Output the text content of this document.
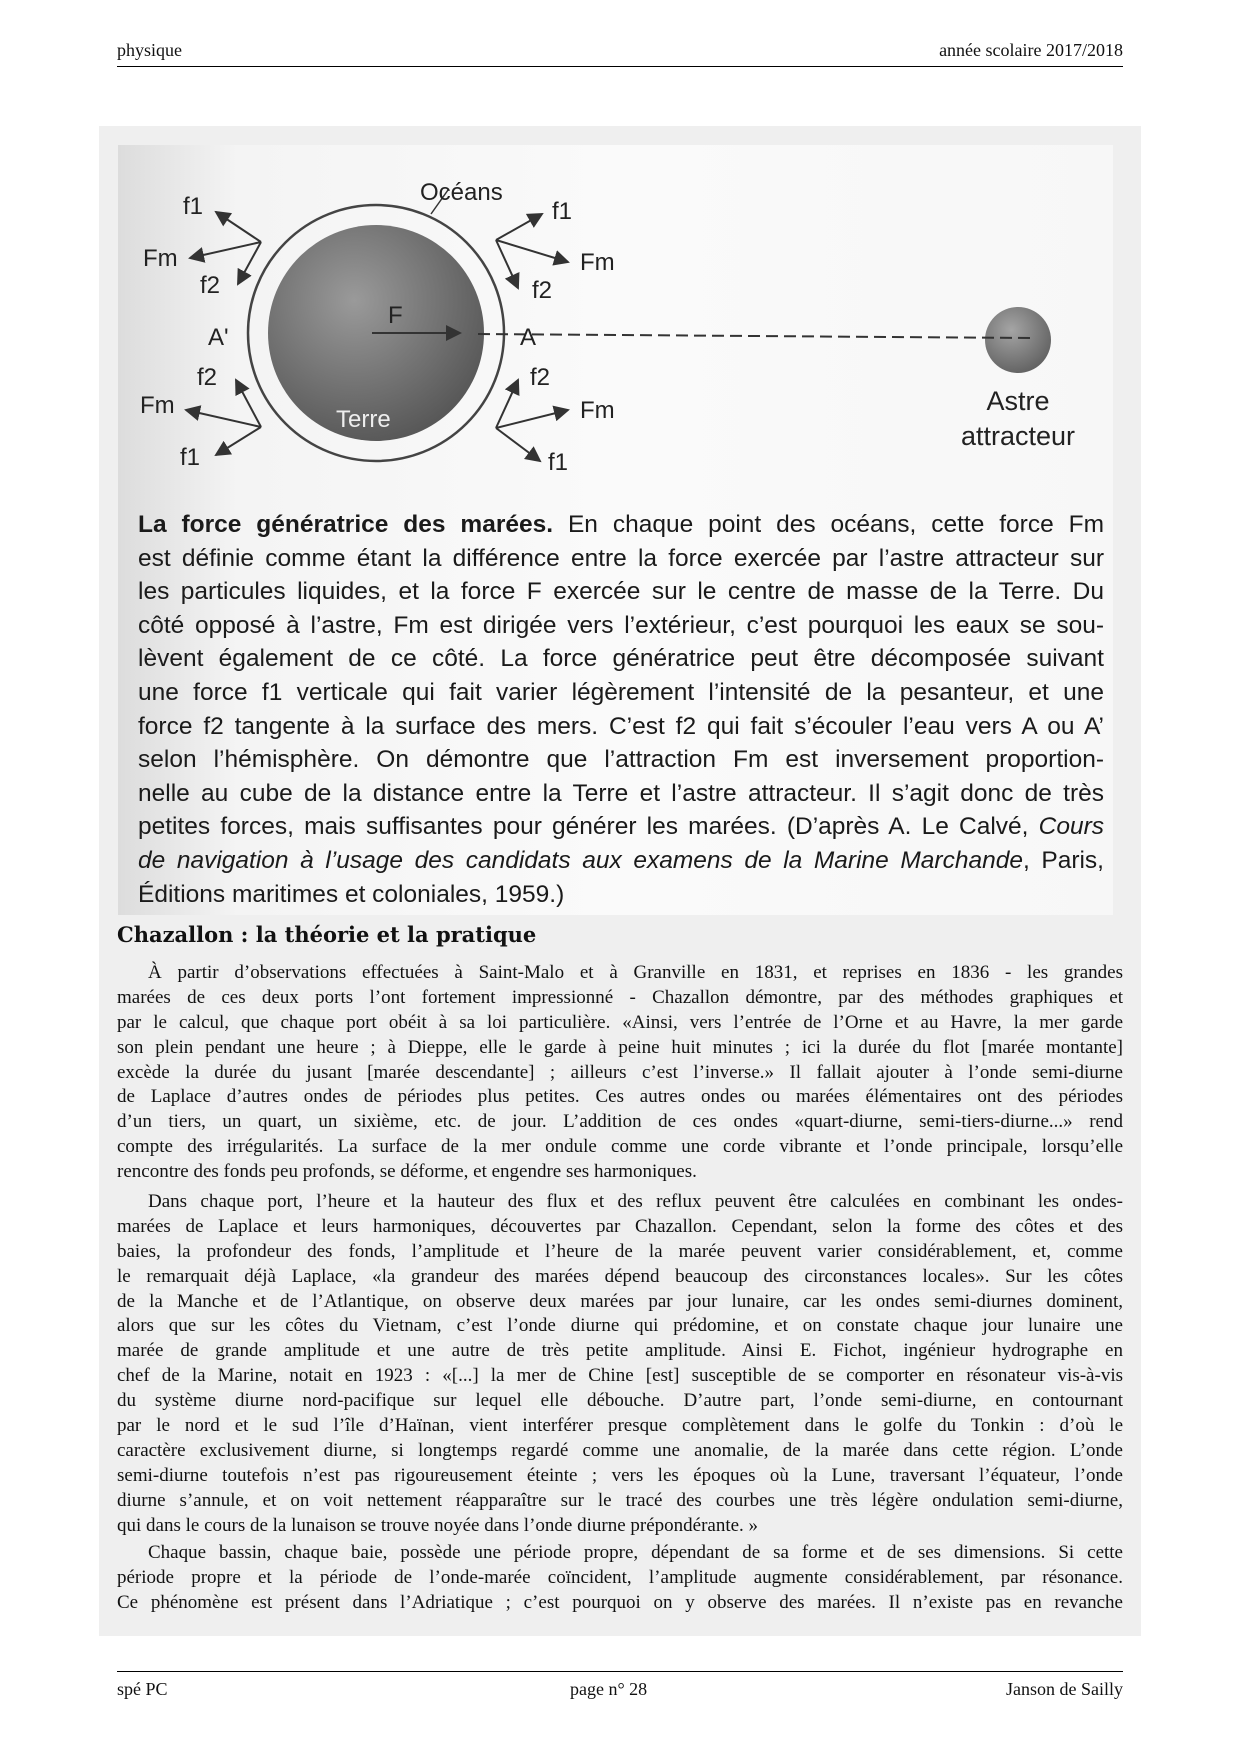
physique	année scolaire 2017/2018
Océans
F
A
A'
Terre
Astre
attracteur
f1
Fm
f2
f2
Fm
f1
f1
Fm
f2
f2
Fm
f1
La force génératrice des marées. En chaque point des océans, cette force Fm
est définie comme étant la différence entre la force exercée par l’astre attracteur sur
les particules liquides, et la force F exercée sur le centre de masse de la Terre. Du
côté opposé à l’astre, Fm est dirigée vers l’extérieur, c’est pourquoi les eaux se sou-
lèvent également de ce côté. La force génératrice peut être décomposée suivant
une force f1 verticale qui fait varier légèrement l’intensité de la pesanteur, et une
force f2 tangente à la surface des mers. C’est f2 qui fait s’écouler l’eau vers A ou A’
selon l’hémisphère. On démontre que l’attraction Fm est inversement proportion-
nelle au cube de la distance entre la Terre et l’astre attracteur. Il s’agit donc de très
petites forces, mais suffisantes pour générer les marées. (D’après A. Le Calvé, Cours
de navigation à l’usage des candidats aux examens de la Marine Marchande, Paris,
Éditions maritimes et coloniales, 1959.)
Chazallon : la théorie et la pratique
À partir d’observations effectuées à Saint-Malo et à Granville en 1831, et reprises en 1836 - les grandes
marées de ces deux ports l’ont fortement impressionné - Chazallon démontre, par des méthodes graphiques et
par le calcul, que chaque port obéit à sa loi particulière. «Ainsi, vers l’entrée de l’Orne et au Havre, la mer garde
son plein pendant une heure ; à Dieppe, elle le garde à peine huit minutes ; ici la durée du flot [marée montante]
excède la durée du jusant [marée descendante] ; ailleurs c’est l’inverse.» Il fallait ajouter à l’onde semi-diurne
de Laplace d’autres ondes de périodes plus petites. Ces autres ondes ou marées élémentaires ont des périodes
d’un tiers, un quart, un sixième, etc. de jour. L’addition de ces ondes «quart-diurne, semi-tiers-diurne...» rend
compte des irrégularités. La surface de la mer ondule comme une corde vibrante et l’onde principale, lorsqu’elle
rencontre des fonds peu profonds, se déforme, et engendre ses harmoniques.
Dans chaque port, l’heure et la hauteur des flux et des reflux peuvent être calculées en combinant les ondes-
marées de Laplace et leurs harmoniques, découvertes par Chazallon. Cependant, selon la forme des côtes et des
baies, la profondeur des fonds, l’amplitude et l’heure de la marée peuvent varier considérablement, et, comme
le remarquait déjà Laplace, «la grandeur des marées dépend beaucoup des circonstances locales». Sur les côtes
de la Manche et de l’Atlantique, on observe deux marées par jour lunaire, car les ondes semi-diurnes dominent,
alors que sur les côtes du Vietnam, c’est l’onde diurne qui prédomine, et on constate chaque jour lunaire une
marée de grande amplitude et une autre de très petite amplitude. Ainsi E. Fichot, ingénieur hydrographe en
chef de la Marine, notait en 1923 : «[...] la mer de Chine [est] susceptible de se comporter en résonateur vis-à-vis
du système diurne nord-pacifique sur lequel elle débouche. D’autre part, l’onde semi-diurne, en contournant
par le nord et le sud l’île d’Haïnan, vient interférer presque complètement dans le golfe du Tonkin : d’où le
caractère exclusivement diurne, si longtemps regardé comme une anomalie, de la marée dans cette région. L’onde
semi-diurne toutefois n’est pas rigoureusement éteinte ; vers les époques où la Lune, traversant l’équateur, l’onde
diurne s’annule, et on voit nettement réapparaître sur le tracé des courbes une très légère ondulation semi-diurne,
qui dans le cours de la lunaison se trouve noyée dans l’onde diurne prépondérante. »
Chaque bassin, chaque baie, possède une période propre, dépendant de sa forme et de ses dimensions. Si cette
période propre et la période de l’onde-marée coïncident, l’amplitude augmente considérablement, par résonance.
Ce phénomène est présent dans l’Adriatique ; c’est pourquoi on y observe des marées. Il n’existe pas en revanche
spé PC	page n° 28	Janson de Sailly
